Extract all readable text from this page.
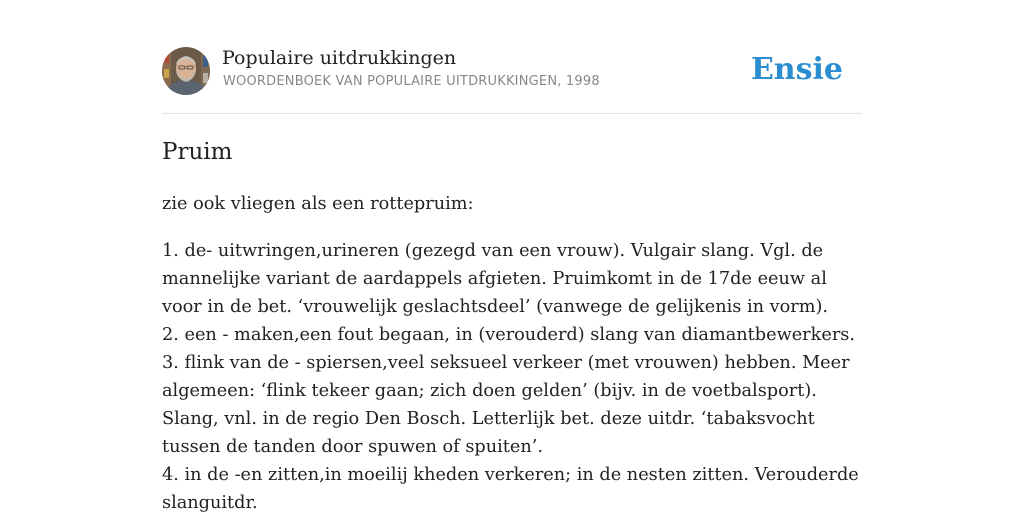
Populaire uitdrukkingen
WOORDENBOEK VAN POPULAIRE UITDRUKKINGEN, 1998	Ensie
Pruim

zie ook vliegen als een rottepruim:

1. de- uitwringen,urineren (gezegd van een vrouw). Vulgair slang. Vgl. de mannelijke variant de aardappels afgieten. Pruimkomt in de 17de eeuw al voor in de bet. ‘vrouwelijk geslachtsdeel’ (vanwege de gelijkenis in vorm).
2. een - maken,een fout begaan, in (verouderd) slang van diamantbewerkers.
3. flink van de - spiersen,veel seksueel verkeer (met vrouwen) hebben. Meer algemeen: ‘flink tekeer gaan; zich doen gelden’ (bijv. in de voetbalsport). Slang, vnl. in de regio Den Bosch. Letterlijk bet. deze uitdr. ‘tabaksvocht tussen de tanden door spuwen of spuiten’.
4. in de -en zitten,in moeilij kheden verkeren; in de nesten zitten. Verouderde slanguitdr.
